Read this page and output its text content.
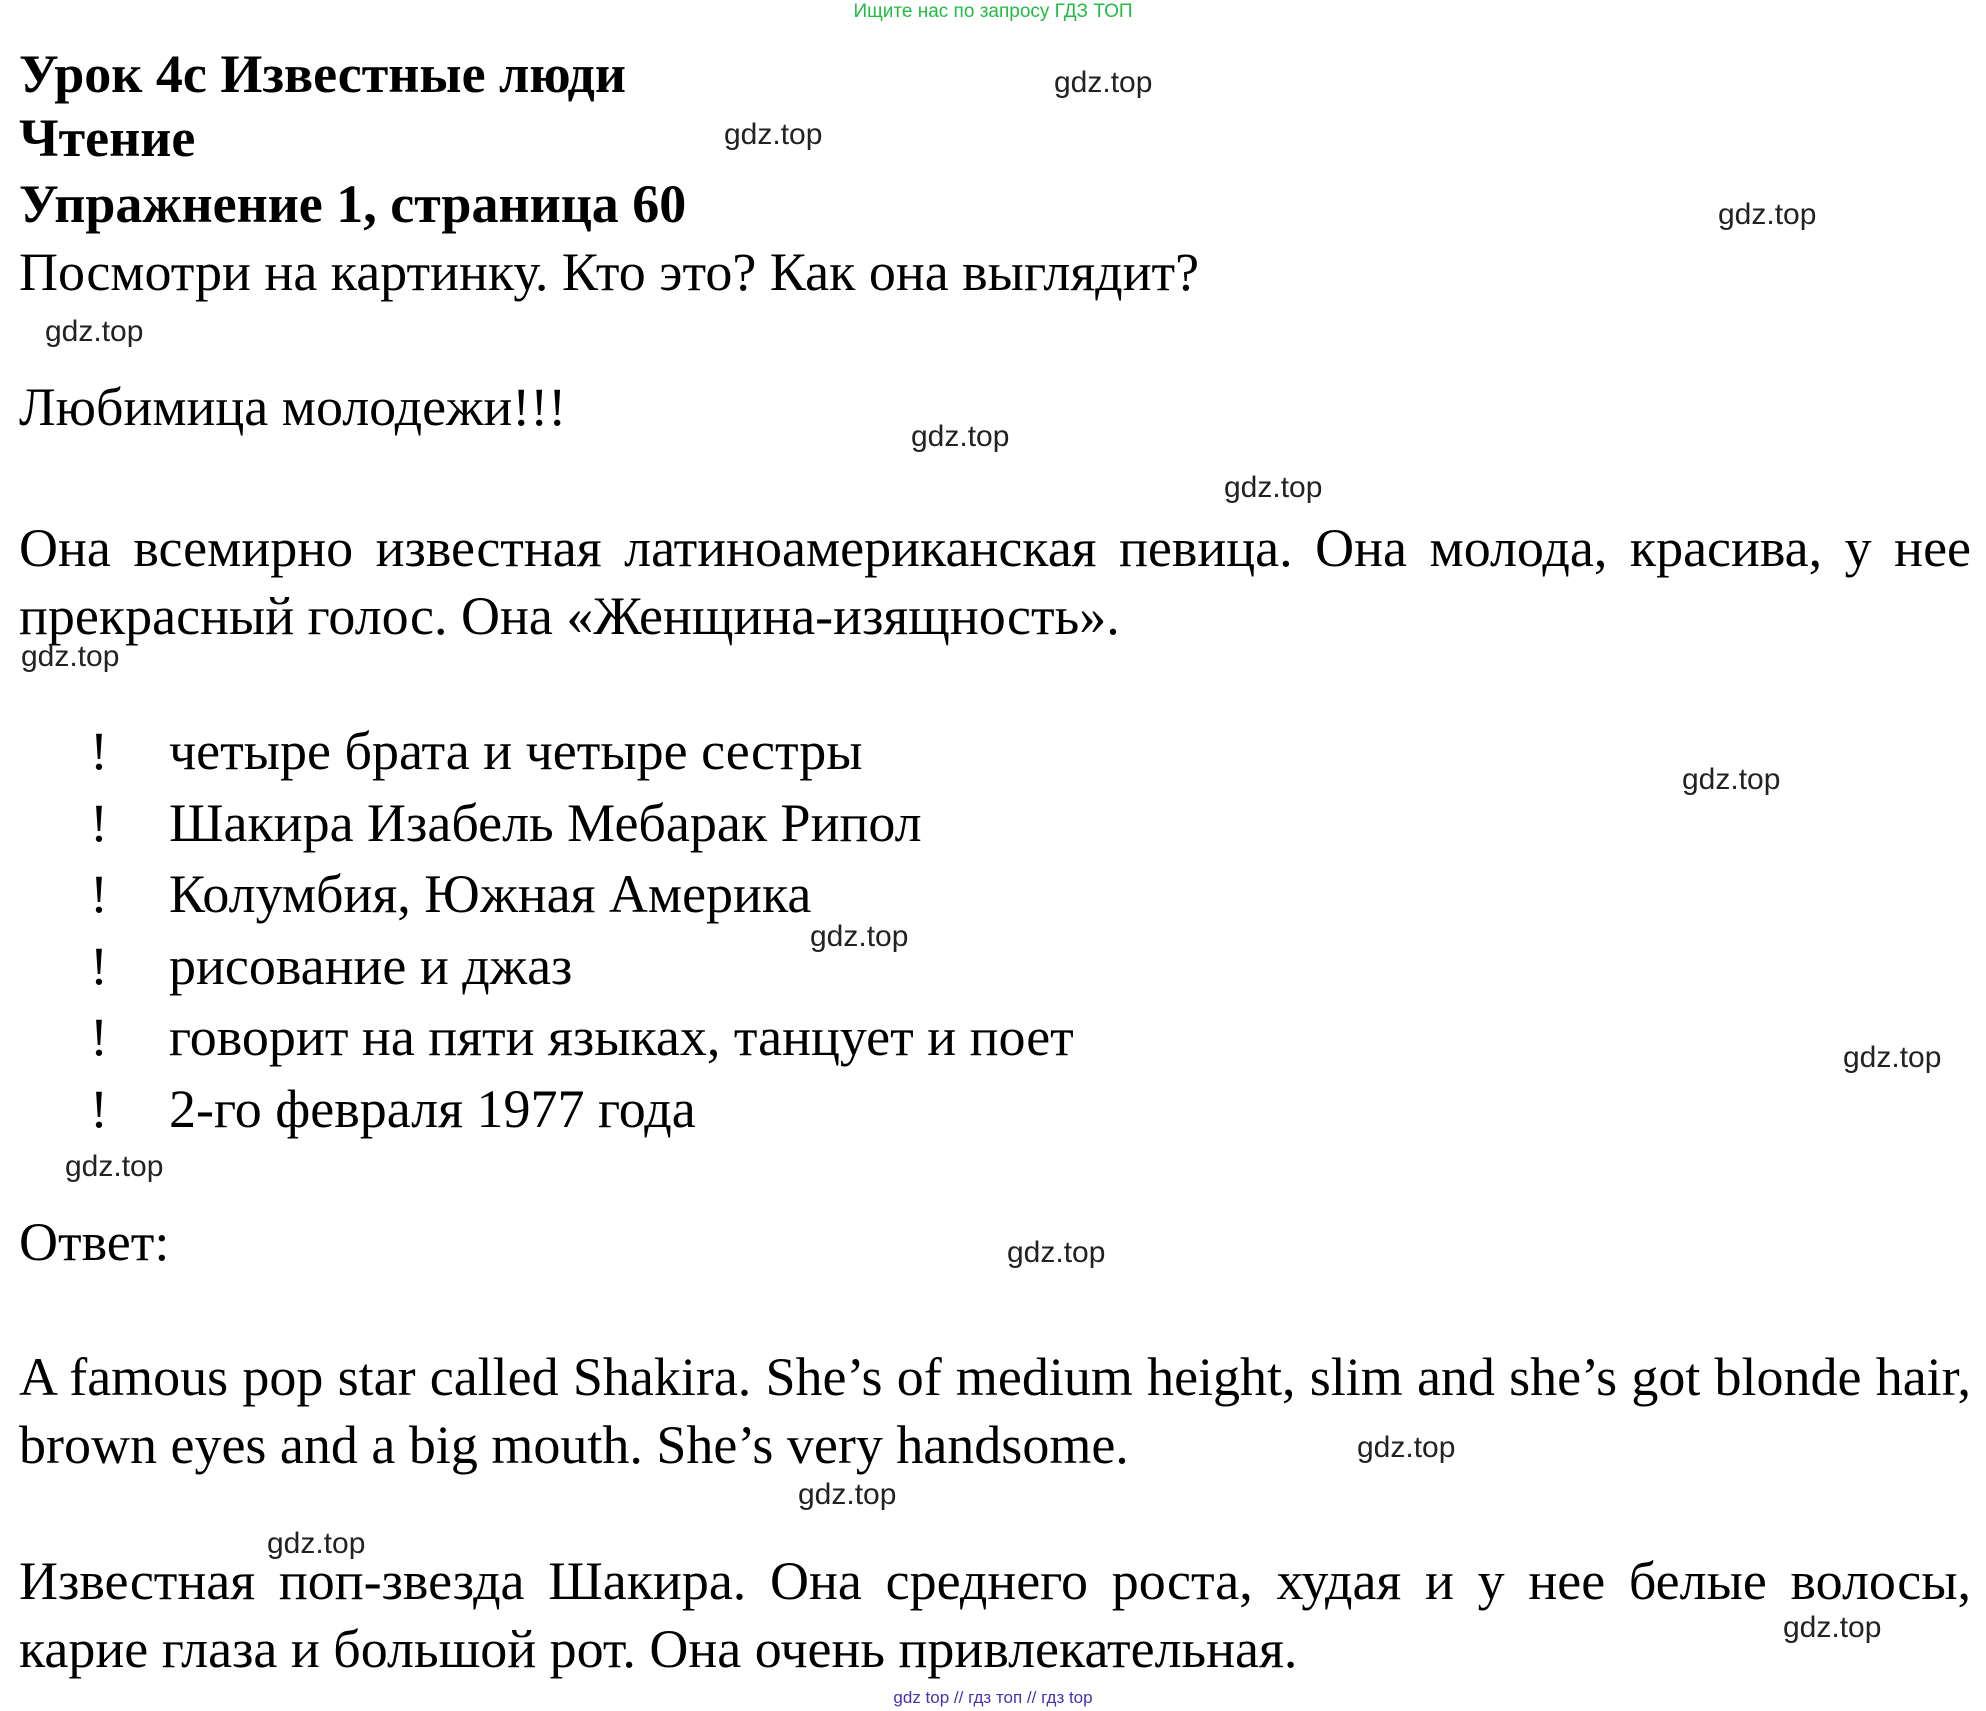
Ищите нас по запросу ГДЗ ТОП
Урок 4с Известные люди
Чтение
Упражнение 1, страница 60
Посмотри на картинку. Кто это? Как она выглядит?
Любимица молодежи!!!
Она всемирно известная латиноамериканская певица. Она молода, красива, у нее прекрасный голос. Она «Женщина-изящность».
! четыре брата и четыре сестры
! Шакира Изабель Мебарак Рипол
! Колумбия, Южная Америка
! рисование и джаз
! говорит на пяти языках, танцует и поет
! 2-го февраля 1977 года
Ответ:
A famous pop star called Shakira. She’s of medium height, slim and she’s got blonde hair, brown eyes and a big mouth. She’s very handsome.
Известная поп-звезда Шакира. Она среднего роста, худая и у нее белые волосы, карие глаза и большой рот. Она очень привлекательная.
gdz.top
gdz.top
gdz.top
gdz.top
gdz.top
gdz.top
gdz.top
gdz.top
gdz.top
gdz.top
gdz.top
gdz.top
gdz.top
gdz.top
gdz.top
gdz.top
gdz top // гдз топ // гдз top
